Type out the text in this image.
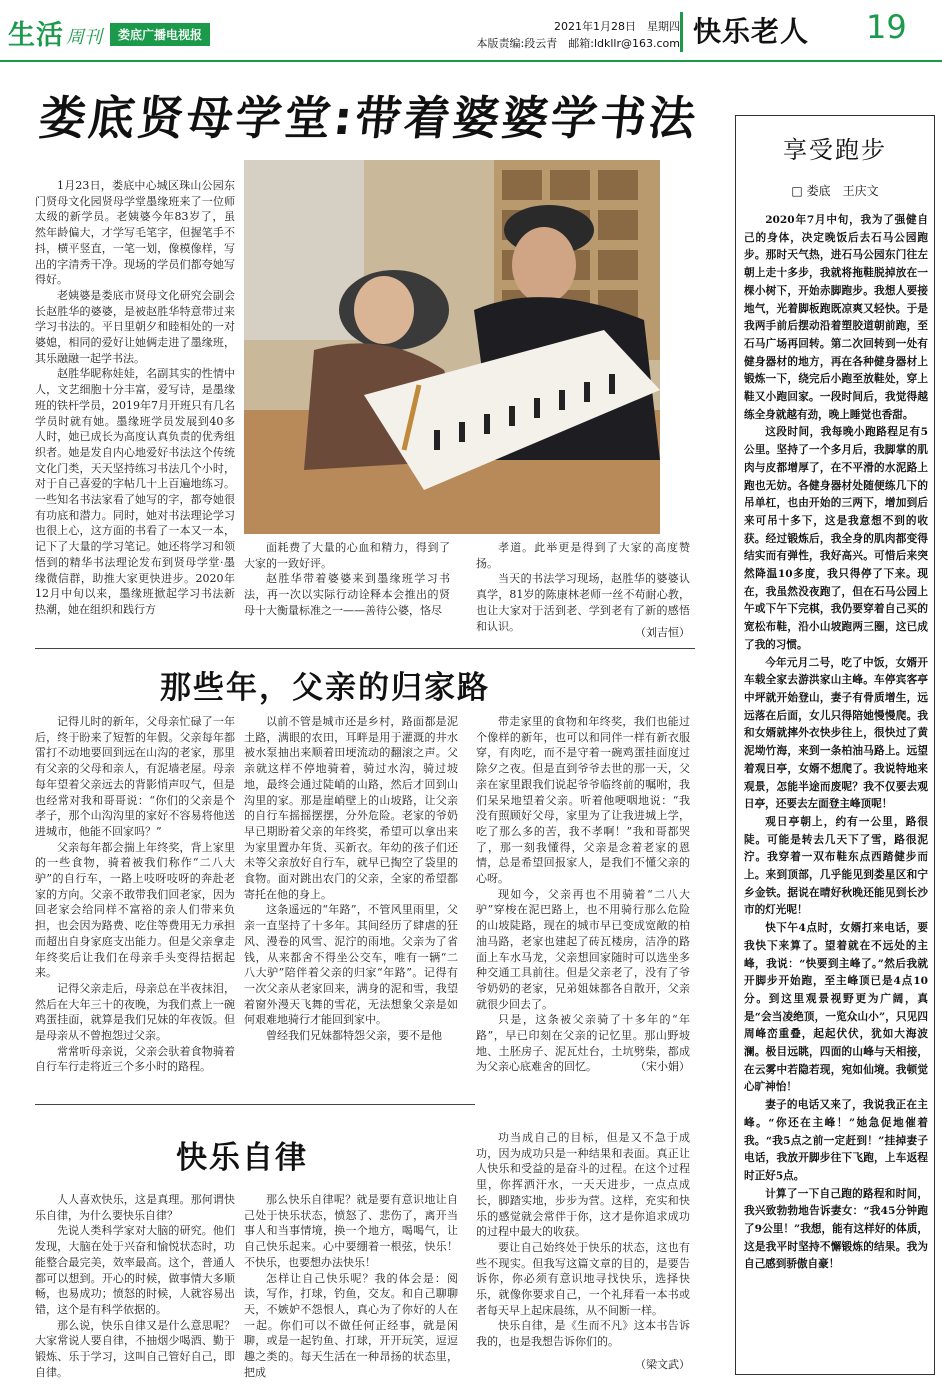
生活 周刊	娄底广播电视报
2021年1月28日　星期四
本版责编:段云青　邮箱:ldkllr@163.com 快乐老人 19
娄底贤母学堂:带着婆婆学书法

1月23日，娄底中心城区珠山公园东门贤母文化园贤母学堂墨缘班来了一位师太级的新学员。老姨婆今年83岁了，虽然年龄偏大，才学写毛笔字，但握笔手不抖，横平竖直，一笔一划，像模像样，写出的字清秀干净。现场的学员们都夸她写得好。

老姨婆是娄底市贤母文化研究会副会长赵胜华的婆婆，是被赵胜华特意带过来学习书法的。平日里朝夕和睦相处的一对婆媳，相同的爱好让她俩走进了墨缘班，其乐融融一起学书法。

赵胜华昵称娃娃，名副其实的性情中人，文艺细胞十分丰富，爱写诗，是墨缘班的铁杆学员，2019年7月开班只有几名学员时就有她。墨缘班学员发展到40多人时，她已成长为高度认真负责的优秀组织者。她是发自内心地爱好书法这个传统文化门类，天天坚持练习书法几个小时，对于自己喜爱的字帖几十上百遍地练习。一些知名书法家看了她写的字，都夸她很有功底和潜力。同时，她对书法理论学习也很上心，这方面的书看了一本又一本，记下了大量的学习笔记。她还将学习和领悟到的精华书法理论发布到贤母学堂·墨缘微信群，助推大家更快进步。2020年12月中旬以来，墨缘班掀起学习书法新热潮，她在组织和践行方

面耗费了大量的心血和精力，得到了大家的一致好评。

赵胜华带着婆婆来到墨缘班学习书法，再一次以实际行动诠释本会推出的贤母十大衡量标准之一——善待公婆，恪尽

孝道。此举更是得到了大家的高度赞扬。

当天的书法学习现场，赵胜华的婆婆认真学，81岁的陈康林老师一丝不苟耐心教，也让大家对于活到老、学到老有了新的感悟和认识。	（刘吉恒）
那些年，父亲的归家路

记得儿时的新年，父母亲忙碌了一年后，终于盼来了短暂的年假。父亲每年都雷打不动地要回到远在山沟的老家，那里有父亲的父母和亲人，有泥墙老屋。母亲每年望着父亲远去的背影悄声叹气，但是也经常对我和哥哥说：“你们的父亲是个孝子，那个山沟沟里的家好不容易将他送进城市，他能不回家吗？”

父亲每年都会揣上年终奖，背上家里的一些食物，骑着被我们称作“二八大驴”的自行车，一路上吱呀吱呀的奔赴老家的方向。父亲不敢带我们回老家，因为回老家会给同样不富裕的亲人们带来负担，也会因为路费、吃住等费用无力承担而超出自身家庭支出能力。但是父亲拿走年终奖后让我们在母亲手头变得拮据起来。

记得父亲走后，母亲总在半夜抹泪，然后在大年三十的夜晚，为我们煮上一碗鸡蛋挂面，就算是我们兄妹的年夜饭。但是母亲从不曾抱怨过父亲。

常常听母亲说，父亲会驮着食物骑着自行车行走将近三个多小时的路程。

以前不管是城市还是乡村，路面都是泥土路，满眼的农田，耳畔是用于灌溉的井水被水泵抽出来顺着田埂流动的翻滚之声。父亲就这样不停地骑着，骑过水沟，骑过坡地，最终会通过陡峭的山路，然后才回到山沟里的家。那是崖峭壁上的山坡路，让父亲的自行车摇摇摆摆，分外危险。老家的爷奶早已期盼着父亲的年终奖，希望可以拿出来为家里置办年货、买新衣。年幼的孩子们还未等父亲放好自行车，就早已掏空了袋里的食物。面对跳出农门的父亲，全家的希望都寄托在他的身上。

这条遥远的“年路”，不管风里雨里，父亲一直坚持了十多年。其间经历了肆虐的狂风、漫卷的风雪、泥泞的雨地。父亲为了省钱，从来都舍不得坐公交车，唯有一辆“二八大驴”陪伴着父亲的归家“年路”。记得有一次父亲从老家回来，满身的泥和雪，我望着窗外漫天飞舞的雪花，无法想象父亲是如何艰难地骑行才能回到家中。

曾经我们兄妹都特怨父亲，要不是他

带走家里的食物和年终奖，我们也能过个像样的新年，也可以和同伴一样有新衣服穿，有肉吃，而不是守着一碗鸡蛋挂面度过除夕之夜。但是直到爷爷去世的那一天，父亲在家里跟我们说起爷爷临终前的嘱咐，我们呆呆地望着父亲。听着他哽咽地说：“我没有照顾好父母，家里为了让我进城上学，吃了那么多的苦，我不孝啊！”我和哥都哭了，那一刻我懂得，父亲是念着老家的恩情，总是希望回报家人，是我们不懂父亲的心呀。

现如今，父亲再也不用骑着“二八大驴”穿梭在泥巴路上，也不用骑行那么危险的山坡陡路，现在的城市早已变成宽敞的柏油马路，老家也建起了砖瓦楼房，洁净的路面上车水马龙，父亲想回家随时可以选坐多种交通工具前往。但是父亲老了，没有了爷爷奶奶的老家，兄弟姐妹都各自散开，父亲就很少回去了。

只是，这条被父亲骑了十多年的“年路”，早已印刻在父亲的记忆里。那山野坡地、土胚房子、泥瓦灶台，土坑劈柴，都成为父亲心底难舍的回忆。	（宋小娟）
快乐自律

人人喜欢快乐，这是真理。那何谓快乐自律，为什么要快乐自律？

先说人类科学家对大脑的研究。他们发现，大脑在处于兴奋和愉悦状态时，功能整合最完美，效率最高。这个，普通人都可以想到。开心的时候，做事情大多顺畅，也易成功；愤怒的时候，人就容易出错，这个是有科学依据的。

那么说，快乐自律又是什么意思呢？大家常说人要自律，不抽烟少喝酒、勤于锻炼、乐于学习，这叫自己管好自己，即自律。

那么快乐自律呢？就是要有意识地让自己处于快乐状态，愤怒了、悲伤了，离开当事人和当事情境，换一个地方，喝喝气，让自己快乐起来。心中要绷着一根弦，快乐！不快乐，也要想办法快乐！

怎样让自己快乐呢？我的体会是：阅读，写作，打球，钓鱼，交友。和自己聊聊天，不嫉妒不怨恨人，真心为了你好的人在一起。你们可以不做任何正经事，就是闲聊，或是一起钓鱼、打球，开开玩笑，逗逗趣之类的。每天生活在一种昂扬的状态里，把成

功当成自己的目标，但是又不急于成功，因为成功只是一种结果和表面。真正让人快乐和受益的是奋斗的过程。在这个过程里，你挥洒汗水，一天天进步，一点点成长，脚踏实地，步步为营。这样，充实和快乐的感觉就会常伴于你，这才是你追求成功的过程中最大的收获。

要让自己始终处于快乐的状态，这也有些不现实。但我写这篇文章的目的，是要告诉你，你必须有意识地寻找快乐，选择快乐，就像你要求自己，一个礼拜看一本书或者每天早上起床晨练，从不间断一样。

快乐自律，是《生而不凡》这本书告诉我的，也是我想告诉你们的。

（梁文武）
享受跑步
□ 娄底　王庆文

2020年7月中旬，我为了强健自己的身体，决定晚饭后去石马公园跑步。那时天气热，进石马公园东门往左朝上走十多步，我就将拖鞋脱掉放在一棵小树下，开始赤脚跑步。我想人要接地气，光着脚板跑既凉爽又轻快。于是我两手前后摆动沿着塑胶道朝前跑，至石马广场再回转。第二次回转到一处有健身器材的地方，再在各种健身器材上锻炼一下，绕完后小跑至放鞋处，穿上鞋又小跑回家。一段时间后，我觉得越练全身就越有劲，晚上睡觉也香甜。

这段时间，我每晚小跑路程足有5公里。坚持了一个多月后，我脚掌的肌肉与皮都增厚了，在不平滑的水泥路上跑也无妨。各健身器材处随便练几下的吊单杠，也由开始的三两下，增加到后来可吊十多下，这是我意想不到的收获。经过锻炼后，我全身的肌肉都变得结实而有弹性，我好高兴。可惜后来突然降温10多度，我只得停了下来。现在，我虽然没夜跑了，但在石马公园上午或下午下完棋，我仍要穿着自己买的宽松布鞋，沿小山坡跑两三圈，这已成了我的习惯。

今年元月二号，吃了中饭，女婿开车载全家去游洪家山主峰。车停宾客亭中坪就开始登山，妻子有骨质增生，远远落在后面，女儿只得陪她慢慢爬。我和女婿就摔外衣快步往上，很快过了黄泥坳竹海，来到一条柏油马路上。远望着观日亭，女婿不想爬了。我说特地来观景，怎能半途而废呢？我不仅要去观日亭，还要去左面登主峰顶呢！

观日亭朝上，约有一公里，路很陡。可能是转去几天下了雪，路很泥泞。我穿着一双布鞋东点西踏健步而上。来到顶部，几乎能见到娄星区和宁乡金铁。据说在晴好秋晚还能见到长沙市的灯光呢！

快下午4点时，女婿打来电话，要我快下来算了。望着就在不远处的主峰，我说：“快要到主峰了。”然后我就开脚步开始跑，至主峰顶已是4点10分。到这里观景视野更为广阔，真是“会当凌绝顶，一览众山小”，只见四周峰峦重叠，起起伏伏，犹如大海波澜。极目远眺，四面的山峰与天相接，在云雾中若隐若现，宛如仙境。我顿觉心旷神怡！

妻子的电话又来了，我说我正在主峰。“你还在主峰！”她急促地催着我。“我5点之前一定赶到！”挂掉妻子电话，我放开脚步往下飞跑，上车返程时正好5点。

计算了一下自己跑的路程和时间，我兴致勃勃地告诉妻女：“我45分钟跑了9公里！”我想，能有这样好的体质，这是我平时坚持不懈锻炼的结果。我为自己感到骄傲自豪！
